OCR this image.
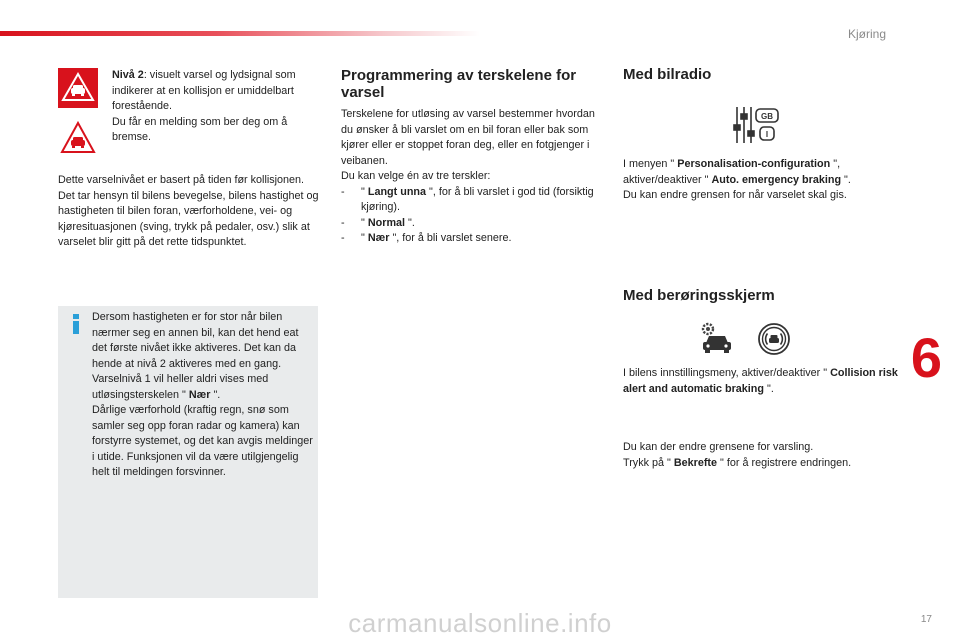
Kjøring
Nivå 2: visuelt varsel og lydsignal som indikerer at en kollisjon er umiddelbart forestående.
Du får en melding som ber deg om å bremse.
Dette varselnivået er basert på tiden før kollisjonen. Det tar hensyn til bilens bevegelse, bilens hastighet og hastigheten til bilen foran, værforholdene, vei- og kjøresituasjonen (sving, trykk på pedaler, osv.) slik at varselet blir gitt på det rette tidspunktet.
Dersom hastigheten er for stor når bilen nærmer seg en annen bil, kan det hend eat det første nivået ikke aktiveres. Det kan da hende at nivå 2 aktiveres med en gang.
Varselnivå 1 vil heller aldri vises med utløsingsterskelen " Nær ".
Dårlige værforhold (kraftig regn, snø som samler seg opp foran radar og kamera) kan forstyrre systemet, og det kan avgis meldinger i utide. Funksjonen vil da være utilgjengelig helt til meldingen forsvinner.
Programmering av terskelene for varsel
Terskelene for utløsing av varsel bestemmer hvordan du ønsker å bli varslet om en bil foran eller bak som kjører eller er stoppet foran deg, eller en fotgjenger i veibanen.
Du kan velge én av tre terskler:
-	" Langt unna ", for å bli varslet i god tid (forsiktig kjøring).
-	" Normal ".
-	" Nær ", for å bli varslet senere.
Med bilradio
GB
I
I menyen " Personalisation-configuration ", aktiver/deaktiver " Auto. emergency braking ".
Du kan endre grensen for når varselet skal gis.
Med berøringsskjerm
I bilens innstillingsmeny, aktiver/deaktiver " Collision risk alert and automatic braking ".
Du kan der endre grensene for varsling.
Trykk på " Bekrefte " for å registrere endringen.
6
17
carmanualsonline.info
